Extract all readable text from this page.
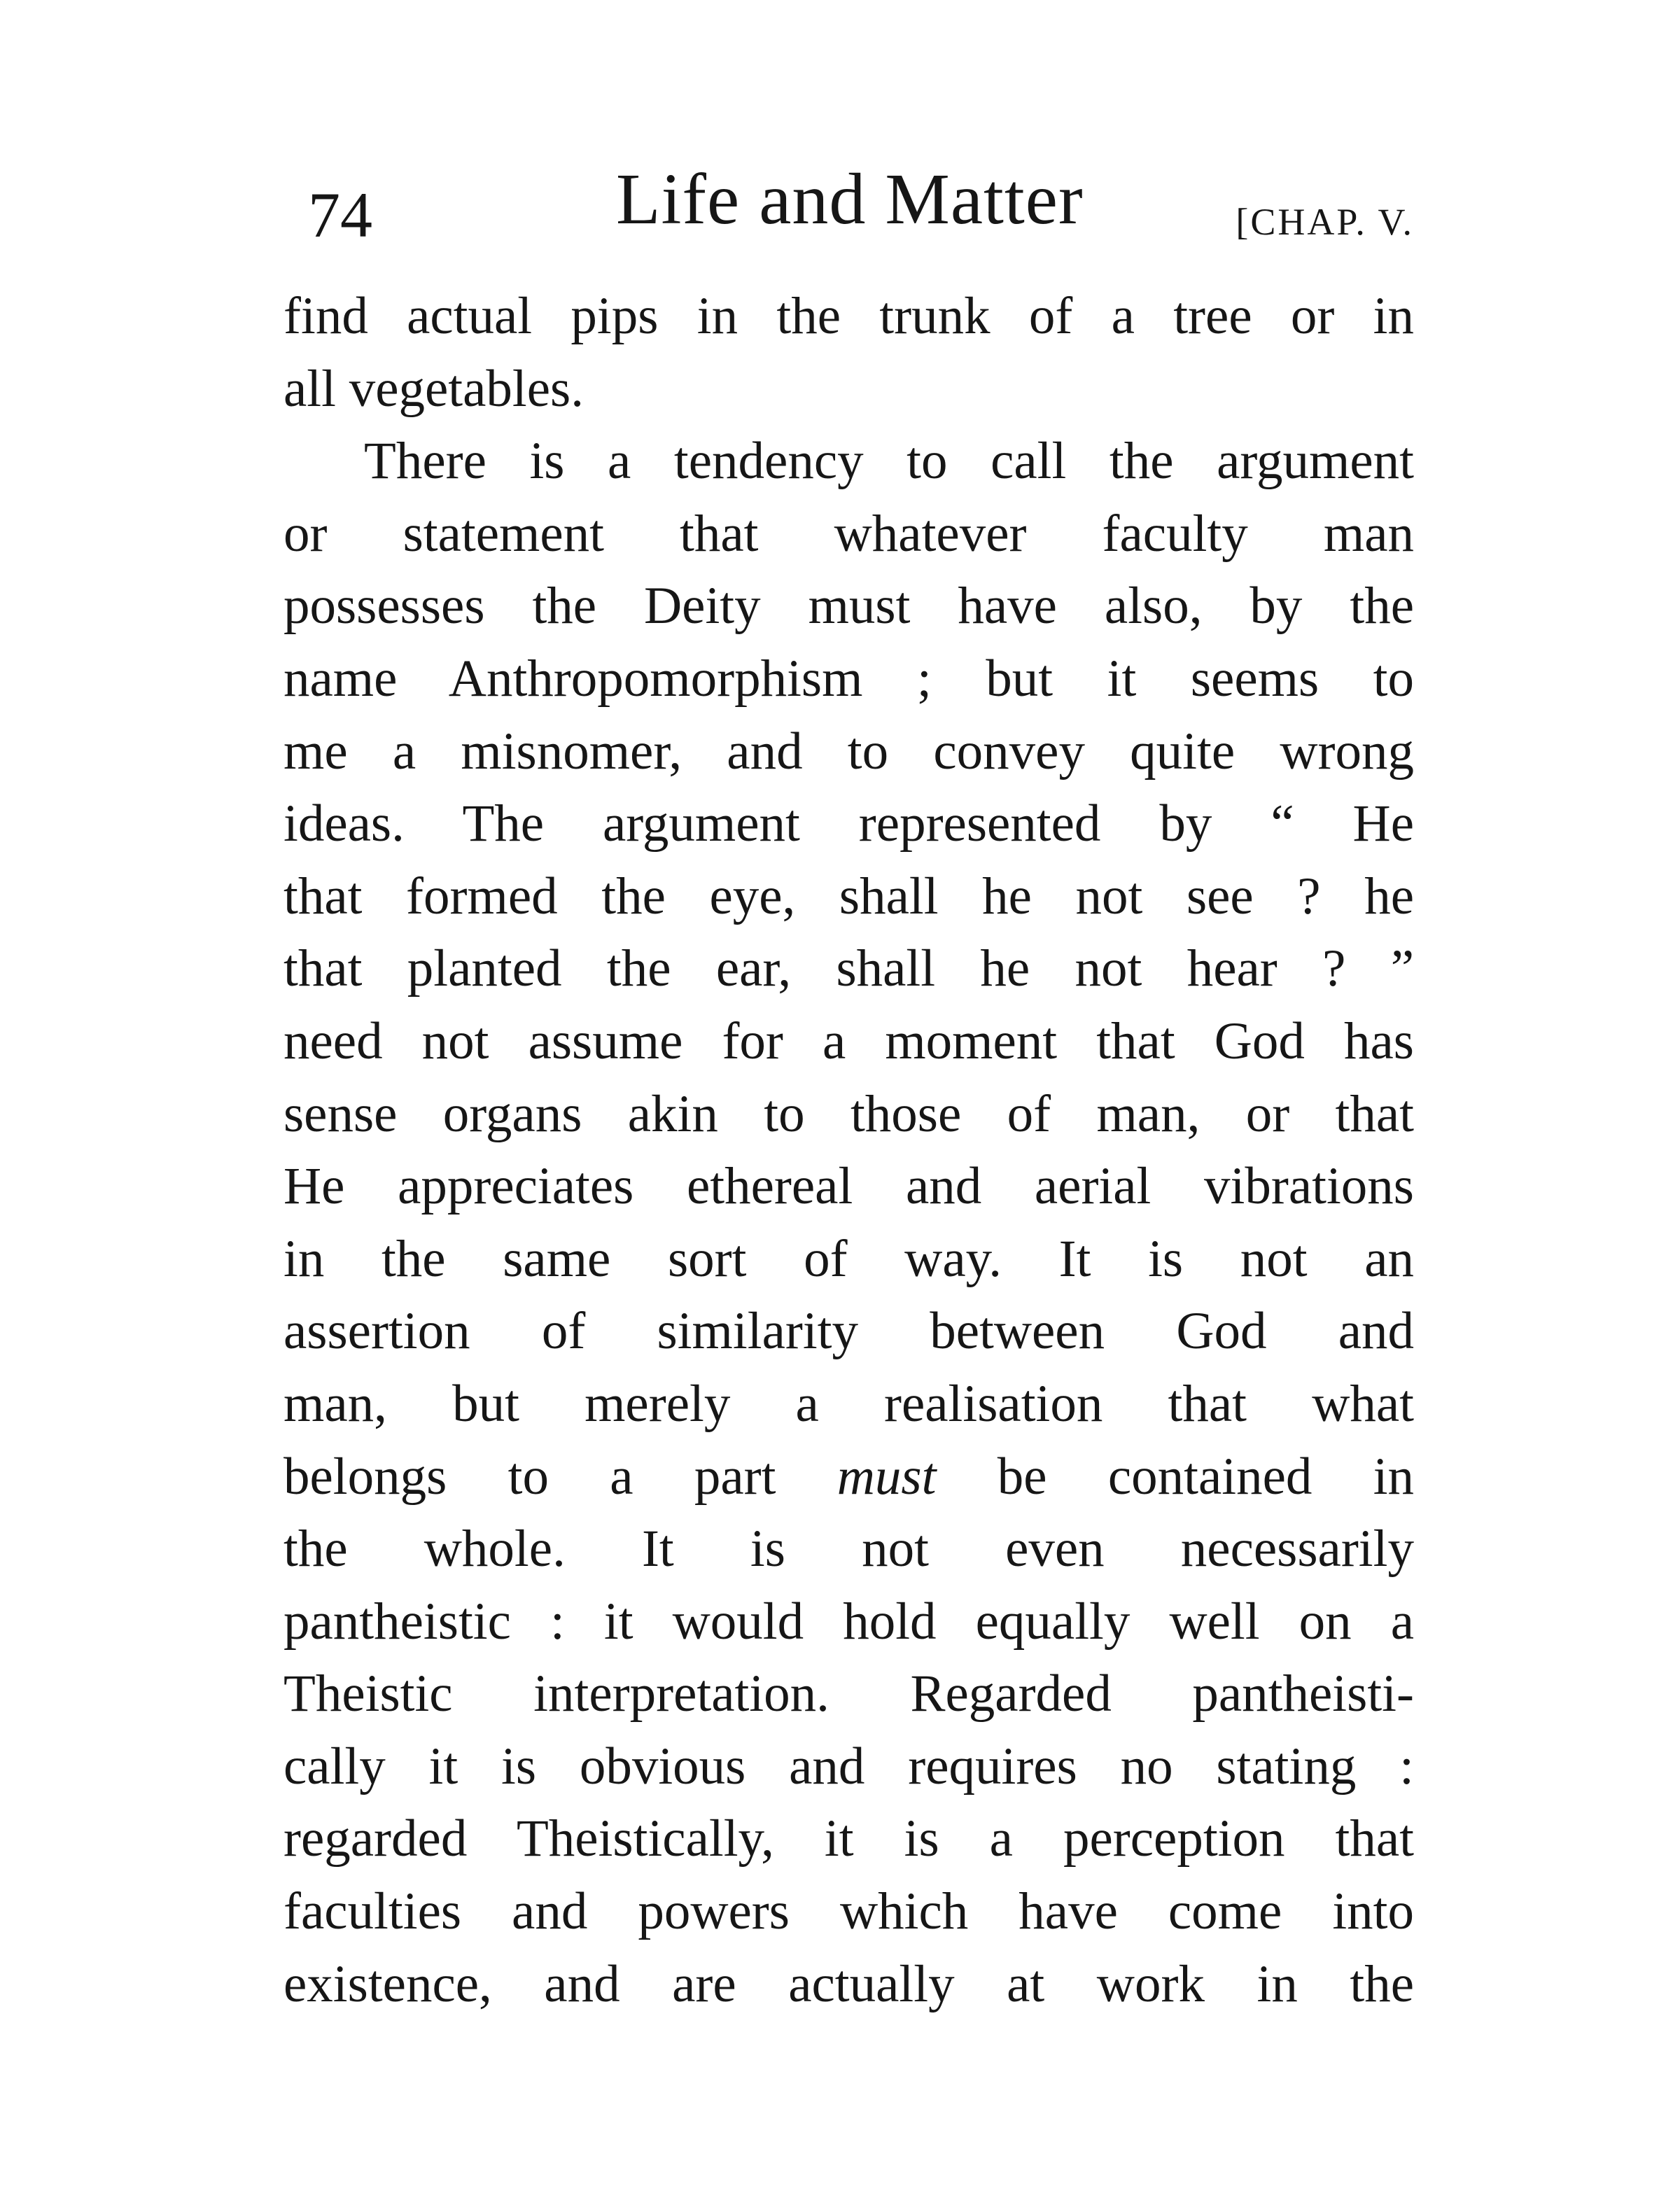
74	Life and Matter	[CHAP. V.
find actual pips in the trunk of a tree or in
all vegetables.
There is a tendency to call the argument
or statement that whatever faculty man
possesses the Deity must have also, by the
name Anthropomorphism ; but it seems to
me a misnomer, and to convey quite wrong
ideas. The argument represented by “ He
that formed the eye, shall he not see ? he
that planted the ear, shall he not hear ? ”
need not assume for a moment that God has
sense organs akin to those of man, or that
He appreciates ethereal and aerial vibrations
in the same sort of way. It is not an
assertion of similarity between God and
man, but merely a realisation that what
belongs to a part must be contained in
the whole. It is not even necessarily
pantheistic : it would hold equally well on a
Theistic interpretation. Regarded pantheisti-
cally it is obvious and requires no stating :
regarded Theistically, it is a perception that
faculties and powers which have come into
existence, and are actually at work in the
